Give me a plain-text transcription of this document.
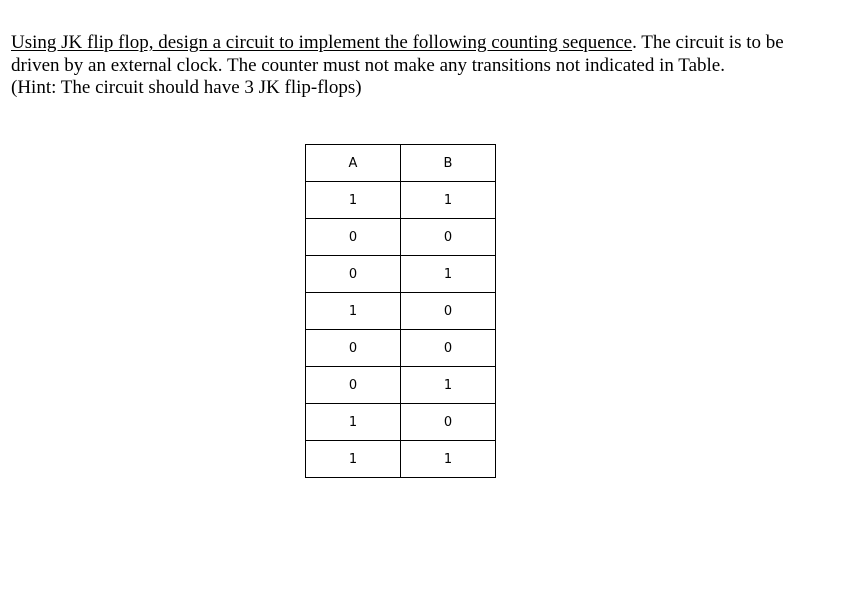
Using JK flip flop, design a circuit to implement the following counting sequence. The circuit is to be driven by an external clock. The counter must not make any transitions not indicated in Table.

(Hint: The circuit should have 3 JK flip-flops)

A	B
1	1
0	0
0	1
1	0
0	0
0	1
1	0
1	1
